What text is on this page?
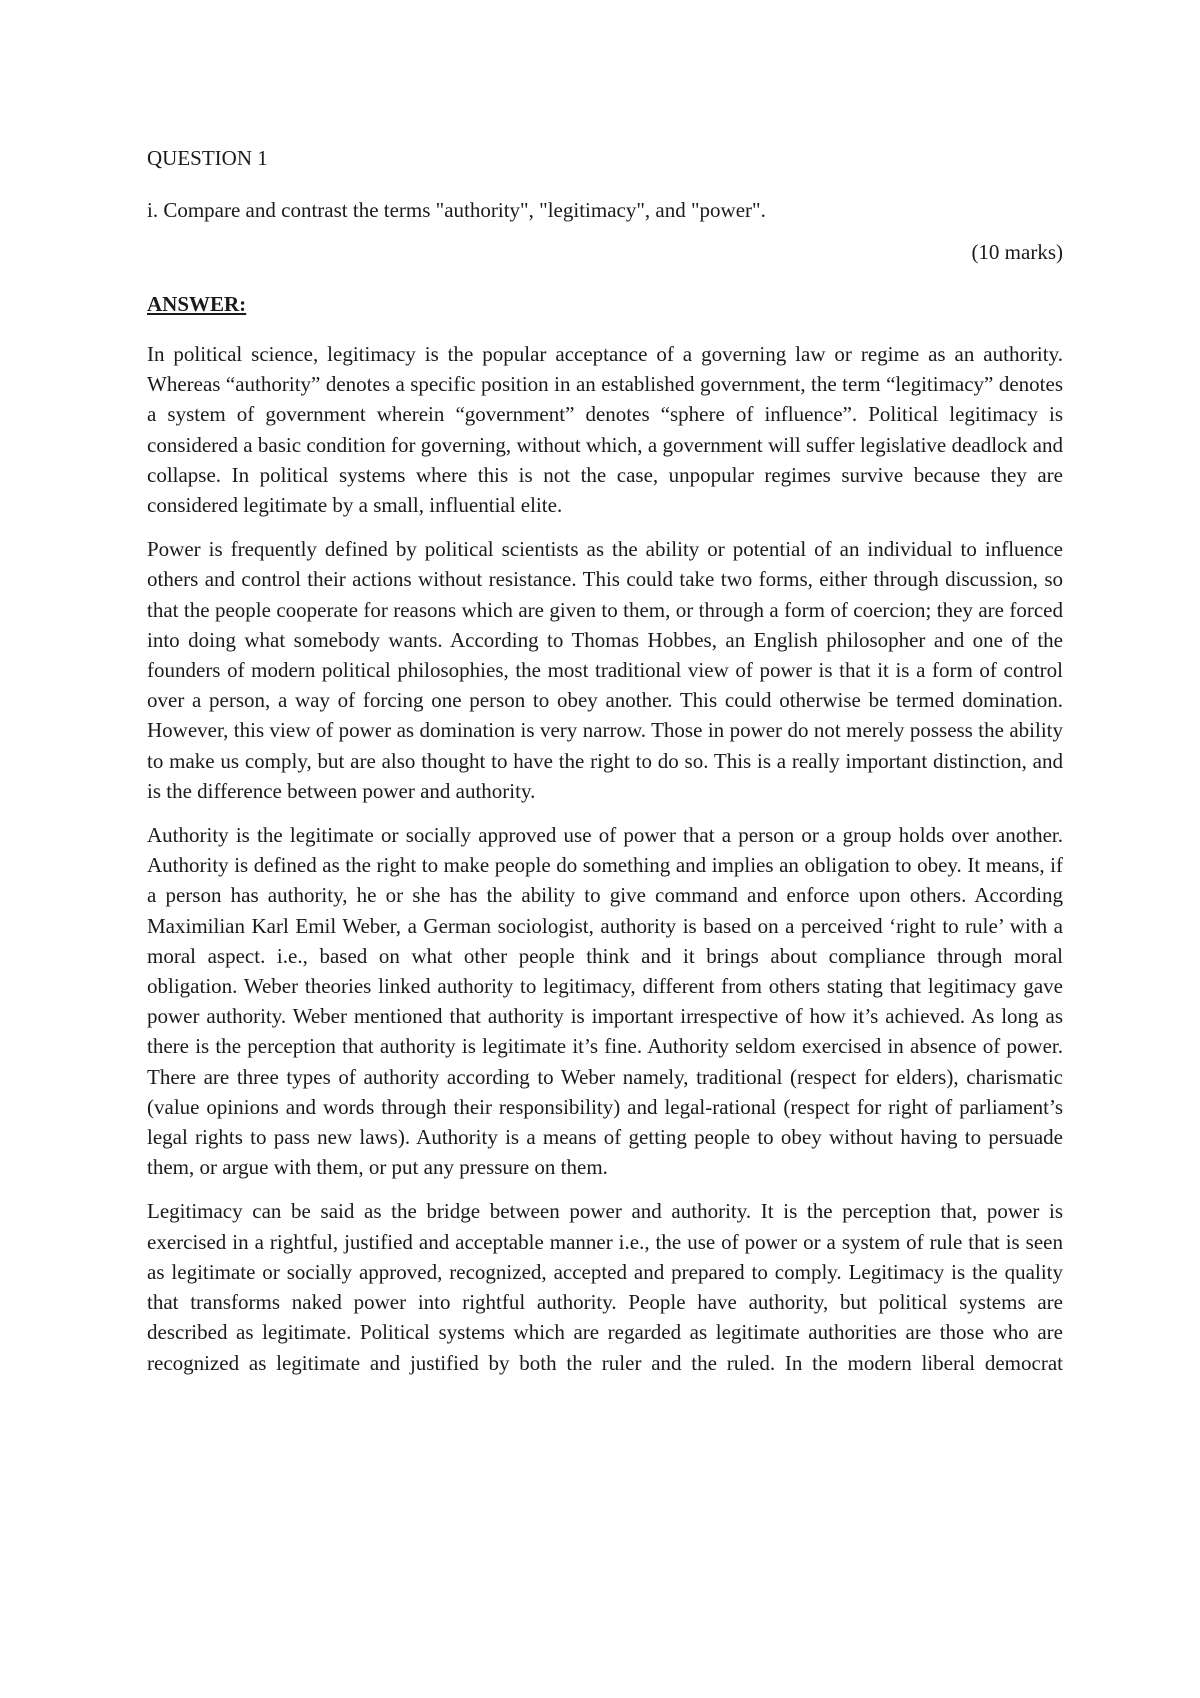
QUESTION 1
i. Compare and contrast the terms "authority", "legitimacy", and "power".
(10 marks)
ANSWER:

In political science, legitimacy is the popular acceptance of a governing law or regime as an authority. Whereas “authority” denotes a specific position in an established government, the term “legitimacy” denotes a system of government wherein “government” denotes “sphere of influence”. Political legitimacy is considered a basic condition for governing, without which, a government will suffer legislative deadlock and collapse. In political systems where this is not the case, unpopular regimes survive because they are considered legitimate by a small, influential elite.

Power is frequently defined by political scientists as the ability or potential of an individual to influence others and control their actions without resistance. This could take two forms, either through discussion, so that the people cooperate for reasons which are given to them, or through a form of coercion; they are forced into doing what somebody wants. According to Thomas Hobbes, an English philosopher and one of the founders of modern political philosophies, the most traditional view of power is that it is a form of control over a person, a way of forcing one person to obey another. This could otherwise be termed domination. However, this view of power as domination is very narrow. Those in power do not merely possess the ability to make us comply, but are also thought to have the right to do so. This is a really important distinction, and is the difference between power and authority.

Authority is the legitimate or socially approved use of power that a person or a group holds over another. Authority is defined as the right to make people do something and implies an obligation to obey. It means, if a person has authority, he or she has the ability to give command and enforce upon others. According Maximilian Karl Emil Weber, a German sociologist, authority is based on a perceived ‘right to rule’ with a moral aspect. i.e., based on what other people think and it brings about compliance through moral obligation. Weber theories linked authority to legitimacy, different from others stating that legitimacy gave power authority. Weber mentioned that authority is important irrespective of how it’s achieved. As long as there is the perception that authority is legitimate it’s fine. Authority seldom exercised in absence of power. There are three types of authority according to Weber namely, traditional (respect for elders), charismatic (value opinions and words through their responsibility) and legal-rational (respect for right of parliament’s legal rights to pass new laws). Authority is a means of getting people to obey without having to persuade them, or argue with them, or put any pressure on them.

Legitimacy can be said as the bridge between power and authority. It is the perception that, power is exercised in a rightful, justified and acceptable manner i.e., the use of power or a system of rule that is seen as legitimate or socially approved, recognized, accepted and prepared to comply. Legitimacy is the quality that transforms naked power into rightful authority. People have authority, but political systems are described as legitimate. Political systems which are regarded as legitimate authorities are those who are recognized as legitimate and justified by both the ruler and the ruled. In the modern liberal democrat
